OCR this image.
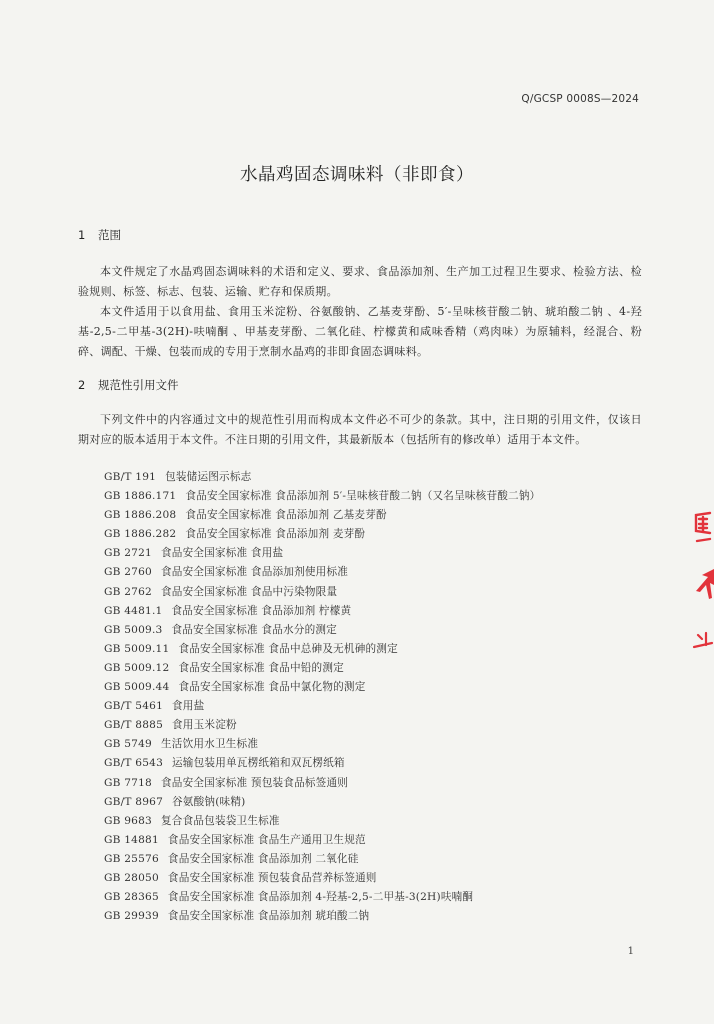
Q/GCSP 0008S—2024
水晶鸡固态调味料（非即食）
1 范围
本文件规定了水晶鸡固态调味料的术语和定义、要求、食品添加剂、生产加工过程卫生要求、检验方法、检验规则、标签、标志、包装、运输、贮存和保质期。
本文件适用于以食用盐、食用玉米淀粉、谷氨酸钠、乙基麦芽酚、5′-呈味核苷酸二钠、琥珀酸二钠 、4-羟基-2,5-二甲基-3(2H)-呋喃酮 、甲基麦芽酚、二氧化硅、柠檬黄和咸味香精（鸡肉味）为原辅料，经混合、粉碎、调配、干燥、包装而成的专用于烹制水晶鸡的非即食固态调味料。
2 规范性引用文件
下列文件中的内容通过文中的规范性引用而构成本文件必不可少的条款。其中，注日期的引用文件，仅该日期对应的版本适用于本文件。不注日期的引用文件，其最新版本（包括所有的修改单）适用于本文件。
GB/T 191 包装储运图示标志
GB 1886.171 食品安全国家标准 食品添加剂 5′-呈味核苷酸二钠（又名呈味核苷酸二钠）
GB 1886.208 食品安全国家标准 食品添加剂 乙基麦芽酚
GB 1886.282 食品安全国家标准 食品添加剂 麦芽酚
GB 2721 食品安全国家标准 食用盐
GB 2760 食品安全国家标准 食品添加剂使用标准
GB 2762 食品安全国家标准 食品中污染物限量
GB 4481.1 食品安全国家标准 食品添加剂 柠檬黄
GB 5009.3 食品安全国家标准 食品水分的测定
GB 5009.11 食品安全国家标准 食品中总砷及无机砷的测定
GB 5009.12 食品安全国家标准 食品中铅的测定
GB 5009.44 食品安全国家标准 食品中氯化物的测定
GB/T 5461 食用盐
GB/T 8885 食用玉米淀粉
GB 5749 生活饮用水卫生标准
GB/T 6543 运输包装用单瓦楞纸箱和双瓦楞纸箱
GB 7718 食品安全国家标准 预包装食品标签通则
GB/T 8967 谷氨酸钠(味精)
GB 9683 复合食品包装袋卫生标准
GB 14881 食品安全国家标准 食品生产通用卫生规范
GB 25576 食品安全国家标准 食品添加剂 二氧化硅
GB 28050 食品安全国家标准 预包装食品营养标签通则
GB 28365 食品安全国家标准 食品添加剂 4-羟基-2,5-二甲基-3(2H)呋喃酮
GB 29939 食品安全国家标准 食品添加剂 琥珀酸二钠
1
